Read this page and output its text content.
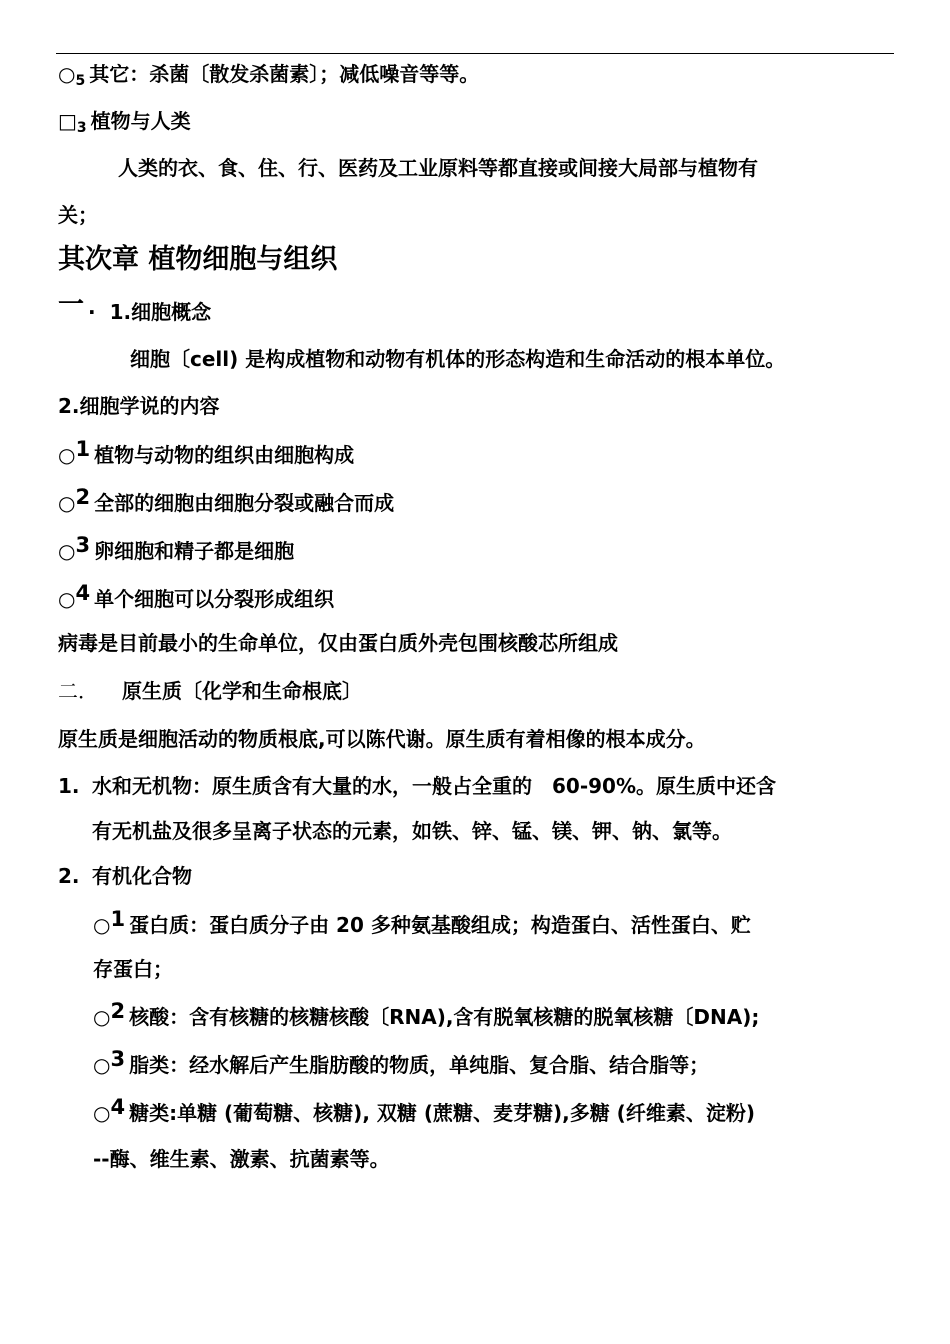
$○_5$ 其它：杀菌〔散发杀菌素〕；减低噪音等等。
$□_3$ 植物与人类
人类的衣、食、住、行、医药及工业原料等都直接或间接大局部与植物有
关；
其次章 植物细胞与组织
一 · 1.细胞概念
细胞〔cell) 是构成植物和动物有机体的形态构造和生命活动的根本单位。
2.细胞学说的内容
○1 植物与动物的组织由细胞构成
○2 全部的细胞由细胞分裂或融合而成
○3 卵细胞和精子都是细胞
○4 单个细胞可以分裂形成组织
病毒是目前最小的生命单位，仅由蛋白质外壳包围核酸芯所组成
二． 原生质〔化学和生命根底〕
原生质是细胞活动的物质根底,可以陈代谢。原生质有着相像的根本成分。
1. 水和无机物：原生质含有大量的水，一般占全重的　60-90%。原生质中还含
有无机盐及很多呈离子状态的元素，如铁、锌、锰、镁、钾、钠、氯等。
2. 有机化合物
○1 蛋白质：蛋白质分子由 20 多种氨基酸组成；构造蛋白、活性蛋白、贮
存蛋白；
○2 核酸：含有核糖的核糖核酸〔RNA),含有脱氧核糖的脱氧核糖〔DNA);
○3 脂类：经水解后产生脂肪酸的物质，单纯脂、复合脂、结合脂等；
○4 糖类:单糖 (葡萄糖、核糖), 双糖 (蔗糖、麦芽糖),多糖 (纤维素、淀粉)
--酶、维生素、激素、抗菌素等。
